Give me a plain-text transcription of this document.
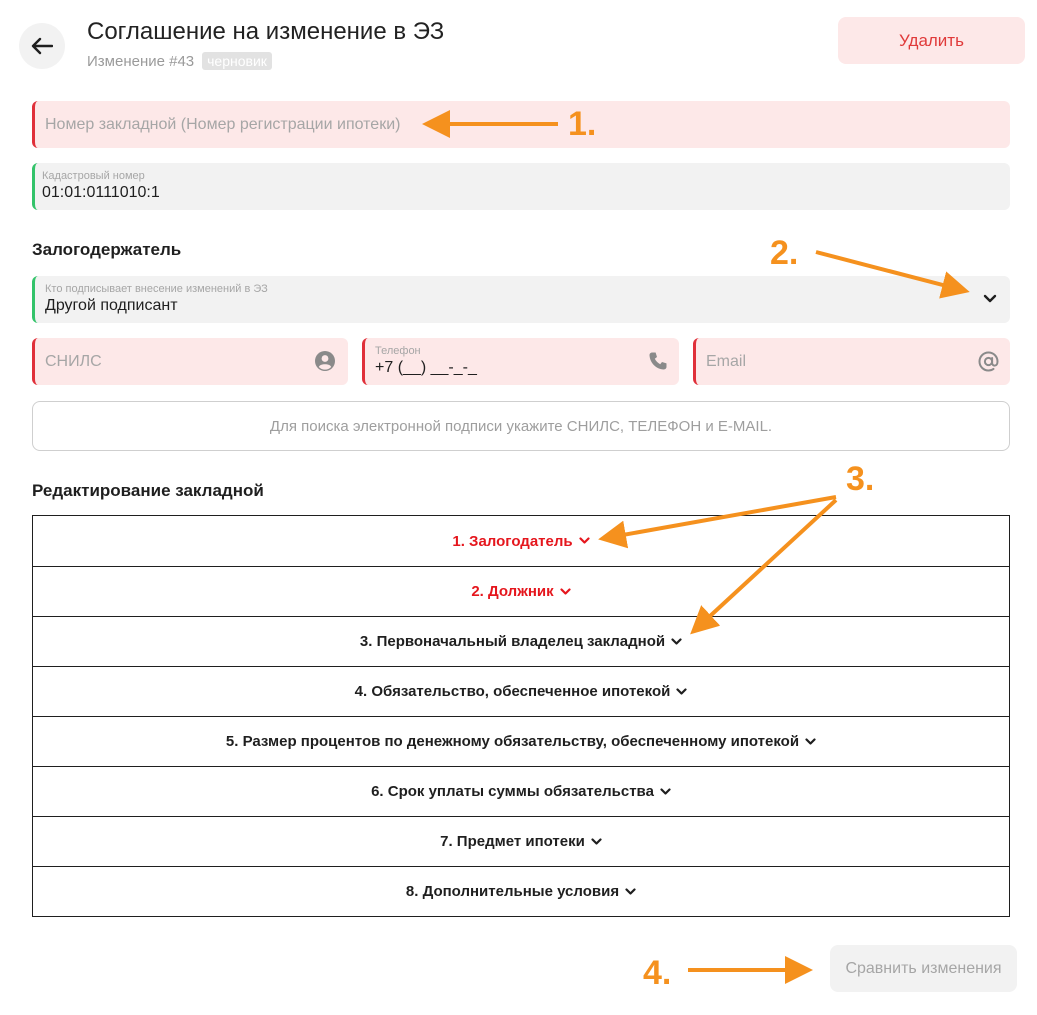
Соглашение на изменение в ЭЗ
Изменение #43 черновик
Удалить
Номер закладной (Номер регистрации ипотеки)
Кадастровый номер
01:01:0111010:1
Залогодержатель
Кто подписывает внесение изменений в ЭЗ
Другой подписант
СНИЛС
Телефон
+7 (__) __-_-_	Email
Для поиска электронной подписи укажите СНИЛС, ТЕЛЕФОН и E-MAIL.
Редактирование закладной
1. Залогодатель
2. Должник
3. Первоначальный владелец закладной
4. Обязательство, обеспеченное ипотекой
5. Размер процентов по денежному обязательству, обеспеченному ипотекой
6. Срок уплаты суммы обязательства
7. Предмет ипотеки
8. Дополнительные условия
Сравнить изменения
1.
2.
3.
4.
